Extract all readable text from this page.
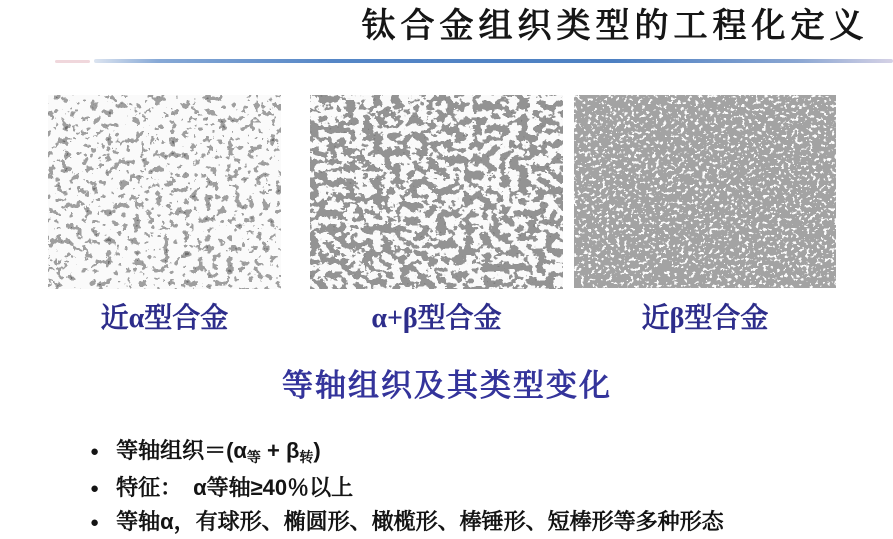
钛合金组织类型的工程化定义
近α型合金	α+β型合金	近β型合金
等轴组织及其类型变化
● 等轴组织＝(α等 + β转)
● 特征：　α等轴≥40％以上
● 等轴α，有球形、椭圆形、橄榄形、棒锤形、短棒形等多种形态
